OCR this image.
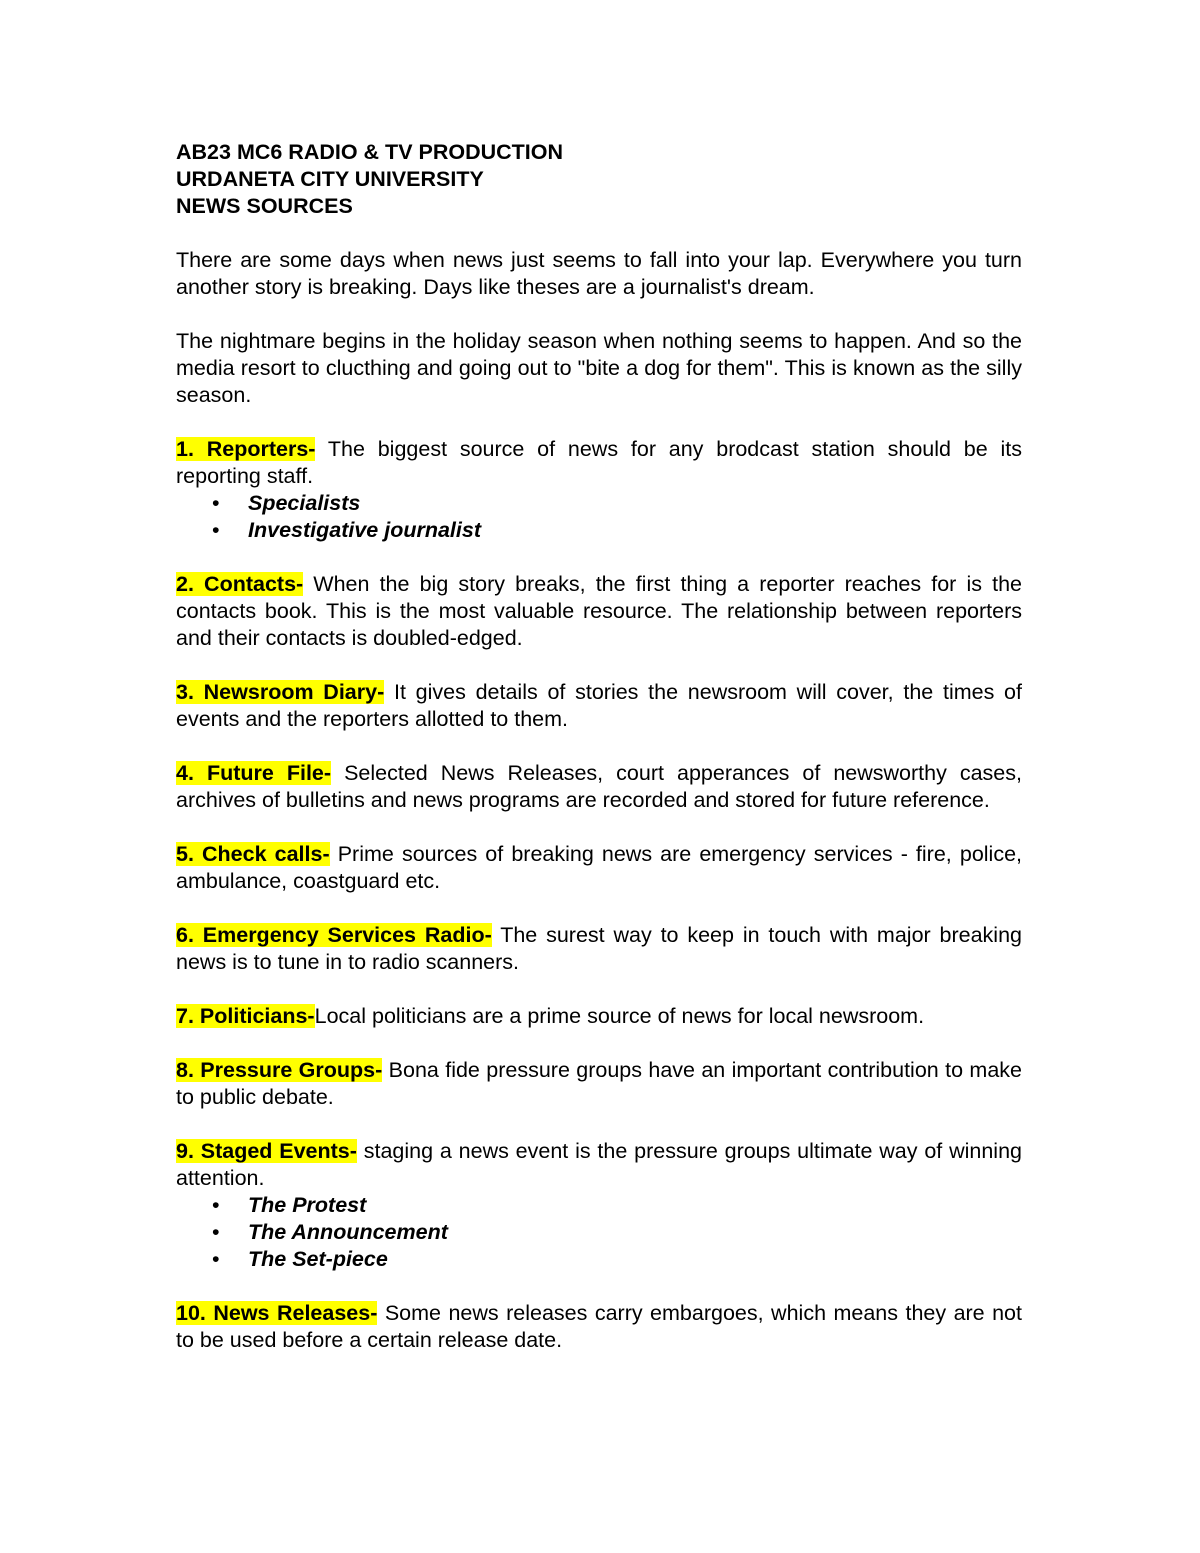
AB23 MC6 RADIO & TV PRODUCTION
URDANETA CITY UNIVERSITY
NEWS SOURCES

There are some days when news just seems to fall into your lap. Everywhere you turn another story is breaking. Days like theses are a journalist's dream.

The nightmare begins in the holiday season when nothing seems to happen. And so the media resort to clucthing and going out to "bite a dog for them". This is known as the silly season.

1. Reporters- The biggest source of news for any brodcast station should be its reporting staff.

• Specialists
• Investigative journalist

2. Contacts- When the big story breaks, the first thing a reporter reaches for is the contacts book. This is the most valuable resource. The relationship between reporters and their contacts is doubled-edged.

3. Newsroom Diary- It gives details of stories the newsroom will cover, the times of events and the reporters allotted to them.

4. Future File- Selected News Releases, court apperances of newsworthy cases, archives of bulletins and news programs are recorded and stored for future reference.

5. Check calls- Prime sources of breaking news are emergency services - fire, police, ambulance, coastguard etc.

6. Emergency Services Radio- The surest way to keep in touch with major breaking news is to tune in to radio scanners.

7. Politicians-Local politicians are a prime source of news for local newsroom.

8. Pressure Groups- Bona fide pressure groups have an important contribution to make to public debate.

9. Staged Events- staging a news event is the pressure groups ultimate way of winning attention.

• The Protest
• The Announcement
• The Set-piece

10. News Releases- Some news releases carry embargoes, which means they are not to be used before a certain release date.
